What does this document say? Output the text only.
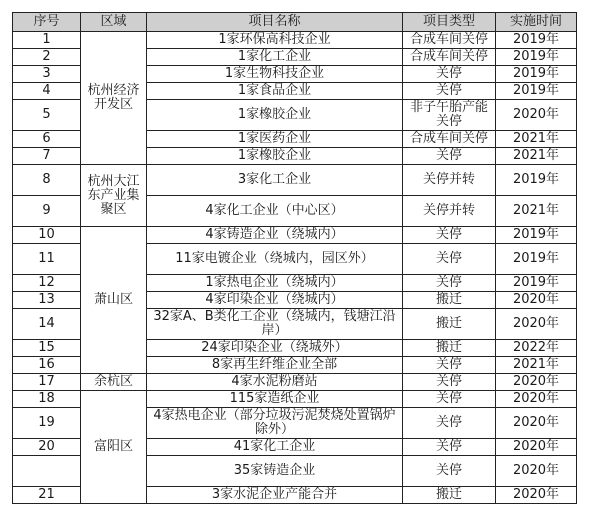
序号	区域	项目名称	项目类型	实施时间
1	杭州经济开发区	1家环保高科技企业	合成车间关停	2019年
2		1家化工企业	合成车间关停	2019年
3		1家生物科技企业	关停	2019年
4		1家食品企业	关停	2019年
5		1家橡胶企业	非子午胎产能关停	2020年
6		1家医药企业	合成车间关停	2021年
7		1家橡胶企业	关停	2021年
8	杭州大江东产业集聚区	3家化工企业	关停并转	2019年
9		4家化工企业（中心区）	关停并转	2021年
10	萧山区	4家铸造企业（绕城内）	关停	2019年
11		11家电镀企业（绕城内，园区外）	关停	2019年
12		1家热电企业（绕城内）	关停	2019年
13		4家印染企业（绕城内）	搬迁	2020年
14		32家A、B类化工企业（绕城内，钱塘江沿岸）	搬迁	2020年
15		24家印染企业（绕城外）	搬迁	2022年
16		8家再生纤维企业全部	关停	2021年
17	余杭区	4家水泥粉磨站	关停	2020年
18	富阳区	115家造纸企业	关停	2020年
19		4家热电企业（部分垃圾污泥焚烧处置锅炉除外）	关停	2020年
20		41家化工企业	关停	2020年
		35家铸造企业	关停	2020年
21		3家水泥企业产能合并	搬迁	2020年
